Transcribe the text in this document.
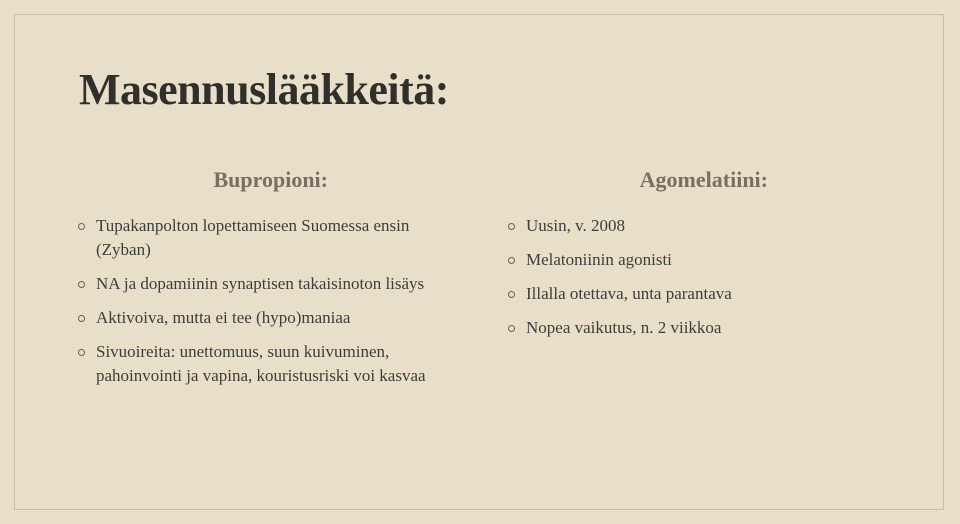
Masennuslääkkeitä:
Bupropioni:
Tupakanpolton lopettamiseen Suomessa ensin (Zyban)
NA ja dopamiinin synaptisen takaisinoton lisäys
Aktivoiva, mutta ei tee (hypo)maniaa
Sivuoireita: unettomuus, suun kuivuminen, pahoinvointi ja vapina, kouristusriski voi kasvaa
Agomelatiini:
Uusin, v. 2008
Melatoniinin agonisti
Illalla otettava, unta parantava
Nopea vaikutus, n. 2 viikkoa
